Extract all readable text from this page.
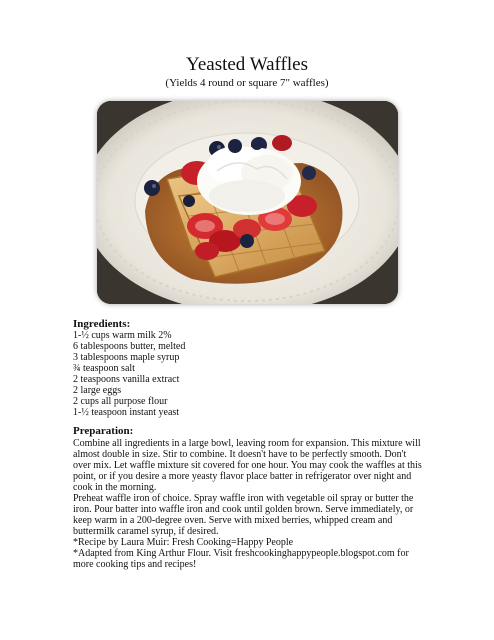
Yeasted Waffles
(Yields 4 round or square 7" waffles)
Ingredients:
1-½ cups warm milk 2%
6 tablespoons butter, melted
3 tablespoons maple syrup
¾ teaspoon salt
2 teaspoons vanilla extract
2 large eggs
2 cups all purpose flour
1-½ teaspoon instant yeast
Preparation:

Combine all ingredients in a large bowl, leaving room for expansion. This mixture will almost double in size. Stir to combine. It doesn't have to be perfectly smooth. Don't over mix. Let waffle mixture sit covered for one hour. You may cook the waffles at this point, or if you desire a more yeasty flavor place batter in refrigerator over night and cook in the morning.

Preheat waffle iron of choice. Spray waffle iron with vegetable oil spray or butter the iron. Pour batter into waffle iron and cook until golden brown. Serve immediately, or keep warm in a 200-degree oven. Serve with mixed berries, whipped cream and buttermilk caramel syrup, if desired.

*Recipe by Laura Muir: Fresh Cooking=Happy People

*Adapted from King Arthur Flour. Visit freshcookinghappypeople.blogspot.com for more cooking tips and recipes!
